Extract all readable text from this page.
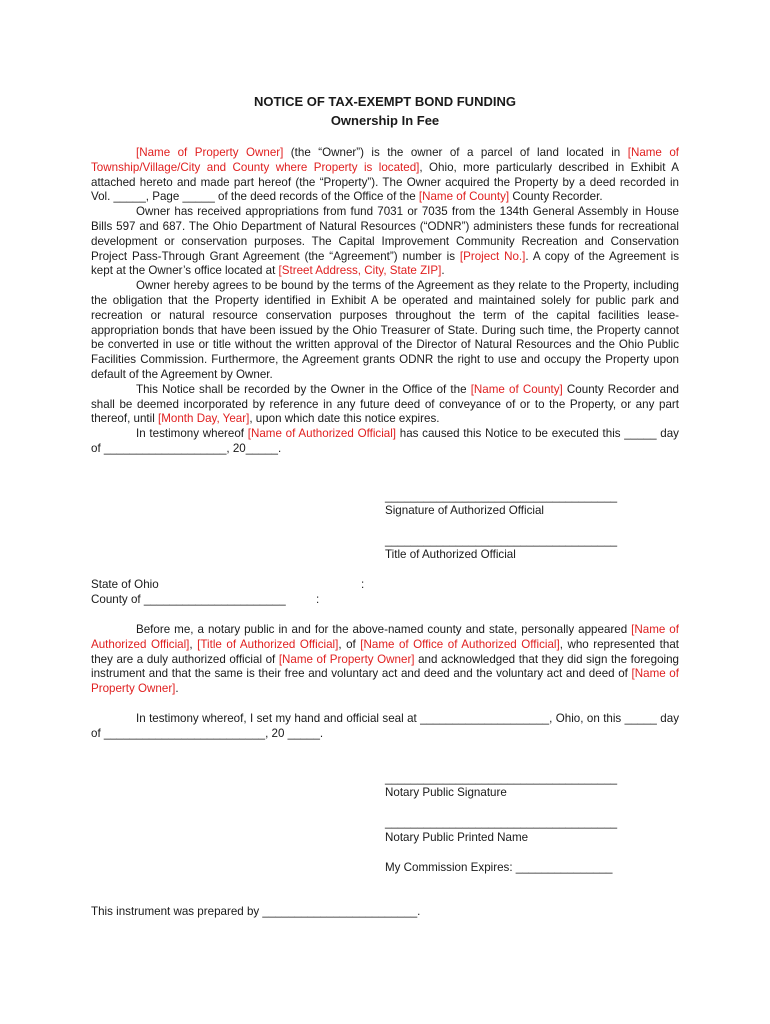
NOTICE OF TAX-EXEMPT BOND FUNDING
Ownership In Fee

[Name of Property Owner] (the “Owner”) is the owner of a parcel of land located in [Name of Township/Village/City and County where Property is located], Ohio, more particularly described in Exhibit A attached hereto and made part hereof (the “Property”). The Owner acquired the Property by a deed recorded in Vol. _____, Page _____ of the deed records of the Office of the [Name of County] County Recorder.

Owner has received appropriations from fund 7031 or 7035 from the 134th General Assembly in House Bills 597 and 687. The Ohio Department of Natural Resources (“ODNR”) administers these funds for recreational development or conservation purposes. The Capital Improvement Community Recreation and Conservation Project Pass-Through Grant Agreement (the “Agreement”) number is [Project No.]. A copy of the Agreement is kept at the Owner’s office located at [Street Address, City, State ZIP].

Owner hereby agrees to be bound by the terms of the Agreement as they relate to the Property, including the obligation that the Property identified in Exhibit A be operated and maintained solely for public park and recreation or natural resource conservation purposes throughout the term of the capital facilities lease-appropriation bonds that have been issued by the Ohio Treasurer of State. During such time, the Property cannot be converted in use or title without the written approval of the Director of Natural Resources and the Ohio Public Facilities Commission. Furthermore, the Agreement grants ODNR the right to use and occupy the Property upon default of the Agreement by Owner.

This Notice shall be recorded by the Owner in the Office of the [Name of County] County Recorder and shall be deemed incorporated by reference in any future deed of conveyance of or to the Property, or any part thereof, until [Month Day, Year], upon which date this notice expires.

In testimony whereof [Name of Authorized Official] has caused this Notice to be executed this _____ day of ___________________, 20_____.

____________________________________
Signature of Authorized Official
____________________________________
Title of Authorized Official
State of Ohio	:
County of ______________________	:

Before me, a notary public in and for the above-named county and state, personally appeared [Name of Authorized Official], [Title of Authorized Official], of [Name of Office of Authorized Official], who represented that they are a duly authorized official of [Name of Property Owner] and acknowledged that they did sign the foregoing instrument and that the same is their free and voluntary act and deed and the voluntary act and deed of [Name of Property Owner].

In testimony whereof, I set my hand and official seal at ____________________, Ohio, on this _____ day of _________________________, 20 _____.

____________________________________
Notary Public Signature
____________________________________
Notary Public Printed Name
My Commission Expires: _______________
This instrument was prepared by ________________________.
